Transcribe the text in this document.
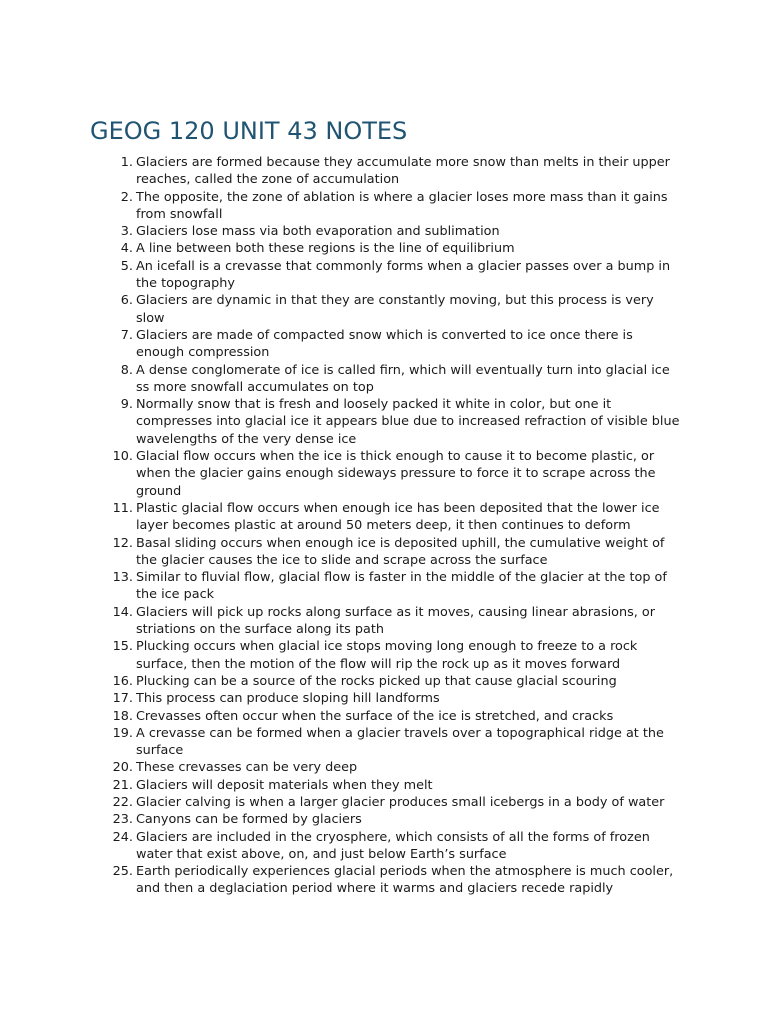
GEOG 120 UNIT 43 NOTES
1. Glaciers are formed because they accumulate more snow than melts in their upper reaches, called the zone of accumulation
2. The opposite, the zone of ablation is where a glacier loses more mass than it gains from snowfall
3. Glaciers lose mass via both evaporation and sublimation
4. A line between both these regions is the line of equilibrium
5. An icefall is a crevasse that commonly forms when a glacier passes over a bump in the topography
6. Glaciers are dynamic in that they are constantly moving, but this process is very slow
7. Glaciers are made of compacted snow which is converted to ice once there is enough compression
8. A dense conglomerate of ice is called firn, which will eventually turn into glacial ice ss more snowfall accumulates on top
9. Normally snow that is fresh and loosely packed it white in color, but one it compresses into glacial ice it appears blue due to increased refraction of visible blue wavelengths of the very dense ice
10. Glacial flow occurs when the ice is thick enough to cause it to become plastic, or when the glacier gains enough sideways pressure to force it to scrape across the ground
11. Plastic glacial flow occurs when enough ice has been deposited that the lower ice layer becomes plastic at around 50 meters deep, it then continues to deform
12. Basal sliding occurs when enough ice is deposited uphill, the cumulative weight of the glacier causes the ice to slide and scrape across the surface
13. Similar to fluvial flow, glacial flow is faster in the middle of the glacier at the top of the ice pack
14. Glaciers will pick up rocks along surface as it moves, causing linear abrasions, or striations on the surface along its path
15. Plucking occurs when glacial ice stops moving long enough to freeze to a rock surface, then the motion of the flow will rip the rock up as it moves forward
16. Plucking can be a source of the rocks picked up that cause glacial scouring
17. This process can produce sloping hill landforms
18. Crevasses often occur when the surface of the ice is stretched, and cracks
19. A crevasse can be formed when a glacier travels over a topographical ridge at the surface
20. These crevasses can be very deep
21. Glaciers will deposit materials when they melt
22. Glacier calving is when a larger glacier produces small icebergs in a body of water
23. Canyons can be formed by glaciers
24. Glaciers are included in the cryosphere, which consists of all the forms of frozen water that exist above, on, and just below Earth’s surface
25. Earth periodically experiences glacial periods when the atmosphere is much cooler, and then a deglaciation period where it warms and glaciers recede rapidly
